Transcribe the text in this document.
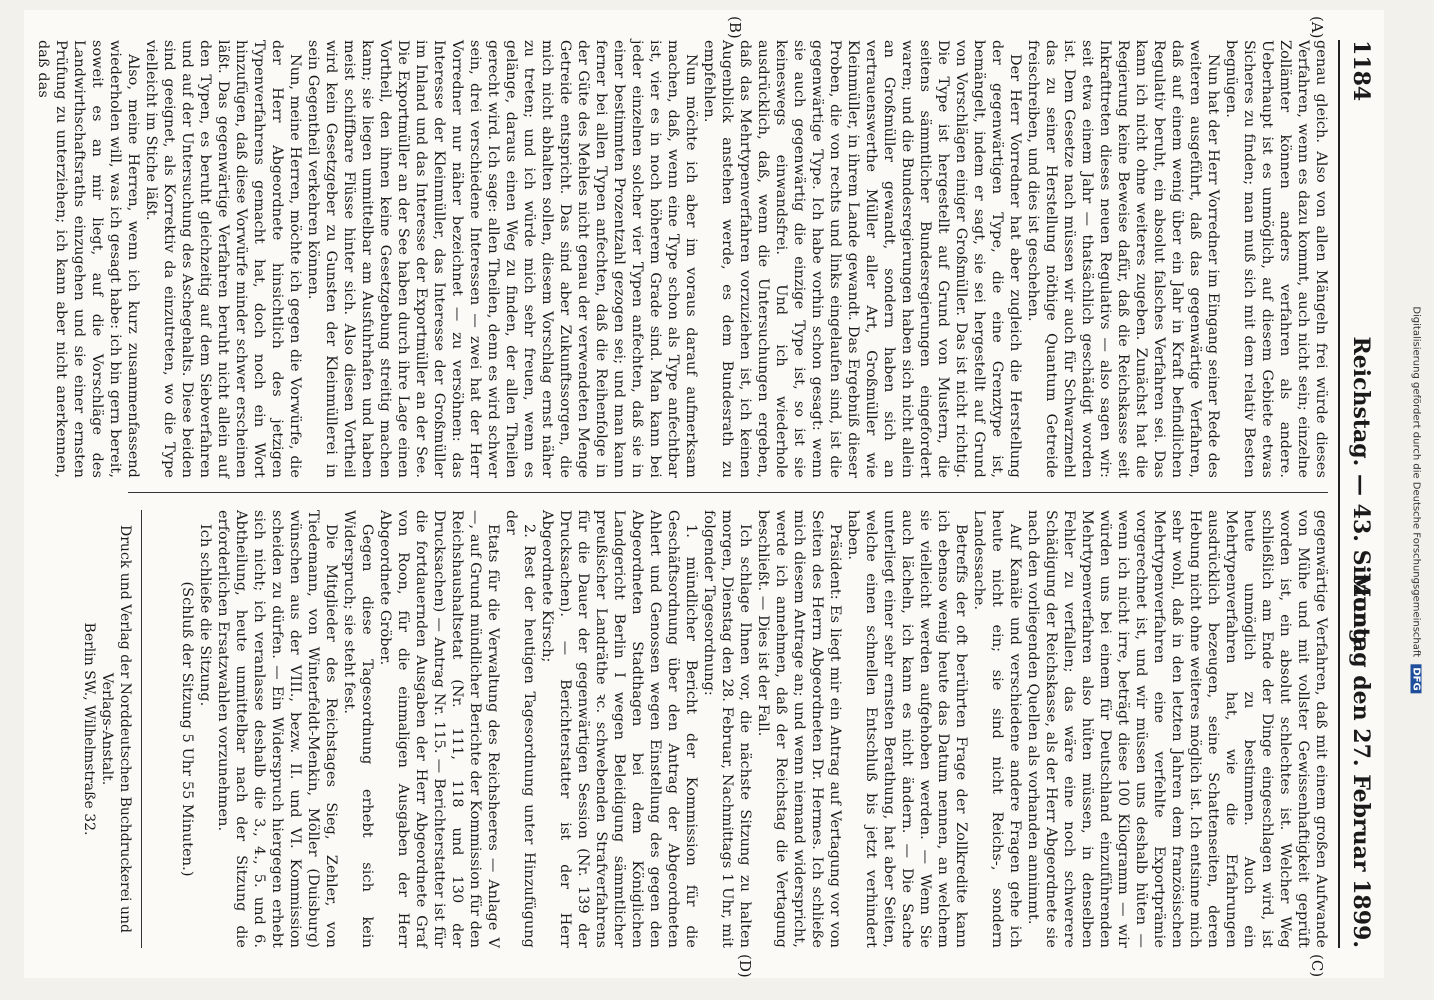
1184
Reichstag. — 43. Sitzung.
Montag den 27. Februar 1899.
(A)
(B)
(C)
(D)

genau gleich. Also von allen Mängeln frei würde dieses Verfahren, wenn es dazu kommt, auch nicht sein; einzelne Zollämter können anders verfahren als andere. Ueberhaupt ist es unmöglich, auf diesem Gebiete etwas Sicheres zu finden; man muß sich mit dem relativ Besten begnügen.

Nun hat der Herr Vorredner im Eingang seiner Rede des weiteren ausgeführt, daß das gegenwärtige Verfahren, daß auf einem wenig über ein Jahr in Kraft befindlichen Regulativ beruht, ein absolut falsches Verfahren sei. Das kann ich nicht ohne weiteres zugeben. Zunächst hat die Regierung keine Beweise dafür, daß die Reichskasse seit Inkrafttreten dieses neuen Regulativs — also sagen wir: seit etwa einem Jahr — thatsächlich geschädigt worden ist. Dem Gesetze nach müssen wir auch für Schwarzmehl das zu seiner Herstellung nöthige Quantum Getreide freischreiben, und dies ist geschehen.

Der Herr Vorredner hat aber zugleich die Herstellung der gegenwärtigen Type, die eine Grenztype ist, bemängelt, indem er sagt, sie sei hergestellt auf Grund von Vorschlägen einiger Großmüller. Das ist nicht richtig. Die Type ist hergestellt auf Grund von Mustern, die seitens sämmtlicher Bundesregierungen eingefordert waren; und die Bundesregierungen haben sich nicht allein an Großmüller gewandt, sondern haben sich an vertrauenswerthe Müller aller Art, Großmüller wie Kleinmüller, in ihrem Lande gewandt. Das Ergebniß dieser Proben, die von rechts und links eingelaufen sind, ist die gegenwärtige Type. Ich habe vorhin schon gesagt: wenn sie auch gegenwärtig die einzige Type ist, so ist sie keineswegs einwandsfrei. Und ich wiederhole ausdrücklich, daß, wenn die Untersuchungen ergeben, daß das Mehrtypenverfahren vorzuziehen ist, ich keinen Augenblick anstehen werde, es dem Bundesrath zu empfehlen.

Nun möchte ich aber im voraus darauf aufmerksam machen, daß, wenn eine Type schon als Type anfechtbar ist, vier es in noch höherem Grade sind. Man kann bei jeder einzelnen solcher vier Typen anfechten, daß sie in einer bestimmten Prozentzahl gezogen sei; und man kann ferner bei allen Typen anfechten, daß die Reihenfolge in der Güte des Mehles nicht genau der verwendeten Menge Getreide entspricht. Das sind aber Zukunftssorgen, die mich nicht abhalten sollen, diesem Vorschlag ernst näher zu treten; und ich würde mich sehr freuen, wenn es gelänge, daraus einen Weg zu finden, der allen Theilen gerecht wird. Ich sage: allen Theilen, denn es wird schwer sein, drei verschiedene Interessen — zwei hat der Herr Vorredner nur näher bezeichnet — zu versöhnen: das Interesse der Kleinmüller, das Interesse der Großmüller im Inland und das Interesse der Exportmüller an der See. Die Exportmüller an der See haben durch ihre Lage einen Vortheil, den ihnen keine Gesetzgebung streitig machen kann; sie liegen unmittelbar am Ausfuhrhafen und haben meist schiffbare Flüsse hinter sich. Also diesen Vortheil wird kein Gesetzgeber zu Gunsten der Kleinmüllerei in sein Gegentheil verkehren können.

Nun, meine Herren, möchte ich gegen die Vorwürfe, die der Herr Abgeordnete hinsichtlich des jetzigen Typenverfahrens gemacht hat, doch noch ein Wort hinzufügen, daß diese Vorwürfe minder schwer erscheinen läßt. Das gegenwärtige Verfahren beruht nicht allein auf den Typen, es beruht gleichzeitig auf dem Siebverfahren und auf der Untersuchung des Aschegehalts. Diese beiden sind geeignet, als Korrektiv da einzutreten, wo die Type vielleicht im Stiche läßt.

Also, meine Herren, wenn ich kurz zusammenfassend wiederholen will, was ich gesagt habe: ich bin gern bereit, soweit es an mir liegt, auf die Vorschläge des Landwirthschaftsraths einzugehen und sie einer ernsten Prüfung zu unterziehen; ich kann aber nicht anerkennen, daß das

gegenwärtige Verfahren, daß mit einem großen Aufwande von Mühe und mit vollster Gewissenhaftigkeit geprüft worden ist, ein absolut schlechtes ist. Welcher Weg schließlich am Ende der Dinge eingeschlagen wird, ist heute unmöglich zu bestimmen. Auch ein Mehrtypenverfahren hat, wie die Erfahrungen ausdrücklich bezeugen, seine Schattenseiten, deren Hebung nicht ohne weiteres möglich ist. Ich entsinne mich sehr wohl, daß in den letzten Jahren dem französischen Mehrtypenverfahren eine verfehlte Exportprämie vorgerechnet ist, und wir müssen uns deshalb hüten — wenn ich nicht irre, beträgt diese 100 Kilogramm — wir würden uns bei einem für Deutschland einzuführenden Mehrtypenverfahren also hüten müssen, in denselben Fehler zu verfallen; das wäre eine noch schwerere Schädigung der Reichskasse, als der Herr Abgeordnete sie nach den vorliegenden Quellen als vorhanden annimmt.

Auf Kanäle und verschiedene andere Fragen gehe ich heute nicht ein; sie sind nicht Reichs-, sondern Landessache.

Betreffs der oft berührten Frage der Zollkredite kann ich ebenso wenig heute das Datum nennen, an welchem sie vielleicht werden aufgehoben werden. — Wenn Sie auch lächeln, ich kann es nicht ändern. — Die Sache unterliegt einer sehr ernsten Berathung, hat aber Seiten, welche einen schnellen Entschluß bis jetzt verhindert haben.

Präsident: Es liegt mir ein Antrag auf Vertagung vor von Seiten des Herrn Abgeordneten Dr. Hermes. Ich schließe mich diesem Antrage an; und wenn niemand widerspricht, werde ich annehmen, daß der Reichstag die Vertagung beschließt. — Dies ist der Fall.

Ich schlage Ihnen vor, die nächste Sitzung zu halten morgen, Dienstag den 28. Februar, Nachmittags 1 Uhr, mit folgender Tagesordnung:

1. mündlicher Bericht der Kommission für die Geschäftsordnung über den Antrag der Abgeordneten Ahlert und Genossen wegen Einstellung des gegen den Abgeordneten Stadthagen bei dem Königlichen Landgericht Berlin I wegen Beleidigung sämmtlicher preußischer Landräthe ꝛc. schwebenden Strafverfahrens für die Dauer der gegenwärtigen Session (Nr. 139 der Drucksachen). — Berichterstatter ist der Herr Abgeordnete Kirsch;

2. Rest der heutigen Tagesordnung unter Hinzufügung der

Etats für die Verwaltung des Reichsheeres — Anlage V —, auf Grund mündlicher Berichte der Kommission für den Reichshaushaltsetat (Nr. 111, 118 und 130 der Drucksachen) — Antrag Nr. 115. — Berichterstatter ist für die fortdauernden Ausgaben der Herr Abgeordnete Graf von Roon, für die einmaligen Ausgaben der Herr Abgeordnete Gröber.

Gegen diese Tagesordnung erhebt sich kein Widerspruch; sie steht fest.

Die Mitglieder des Reichstages Sieg, Zehler, von Tiedemann, von Winterfeldt-Menkin, Möller (Duisburg) wünschen aus der VIII., bezw. II. und VI. Kommission scheiden zu dürfen. — Ein Widerspruch hiergegen erhebt sich nicht; ich veranlasse deshalb die 3., 4., 5. und 6. Abtheilung, heute unmittelbar nach der Sitzung die erforderlichen Ersatzwahlen vorzunehmen.

Ich schließe die Sitzung.

(Schluß der Sitzung 5 Uhr 55 Minuten.)

Druck und Verlag der Norddeutschen Buchdruckerei und Verlags-Anstalt.
Berlin SW., Wilhelmstraße 32.
Digitalisierung gefördert durch die Deutsche Forschungsgemeinschaft DFG
